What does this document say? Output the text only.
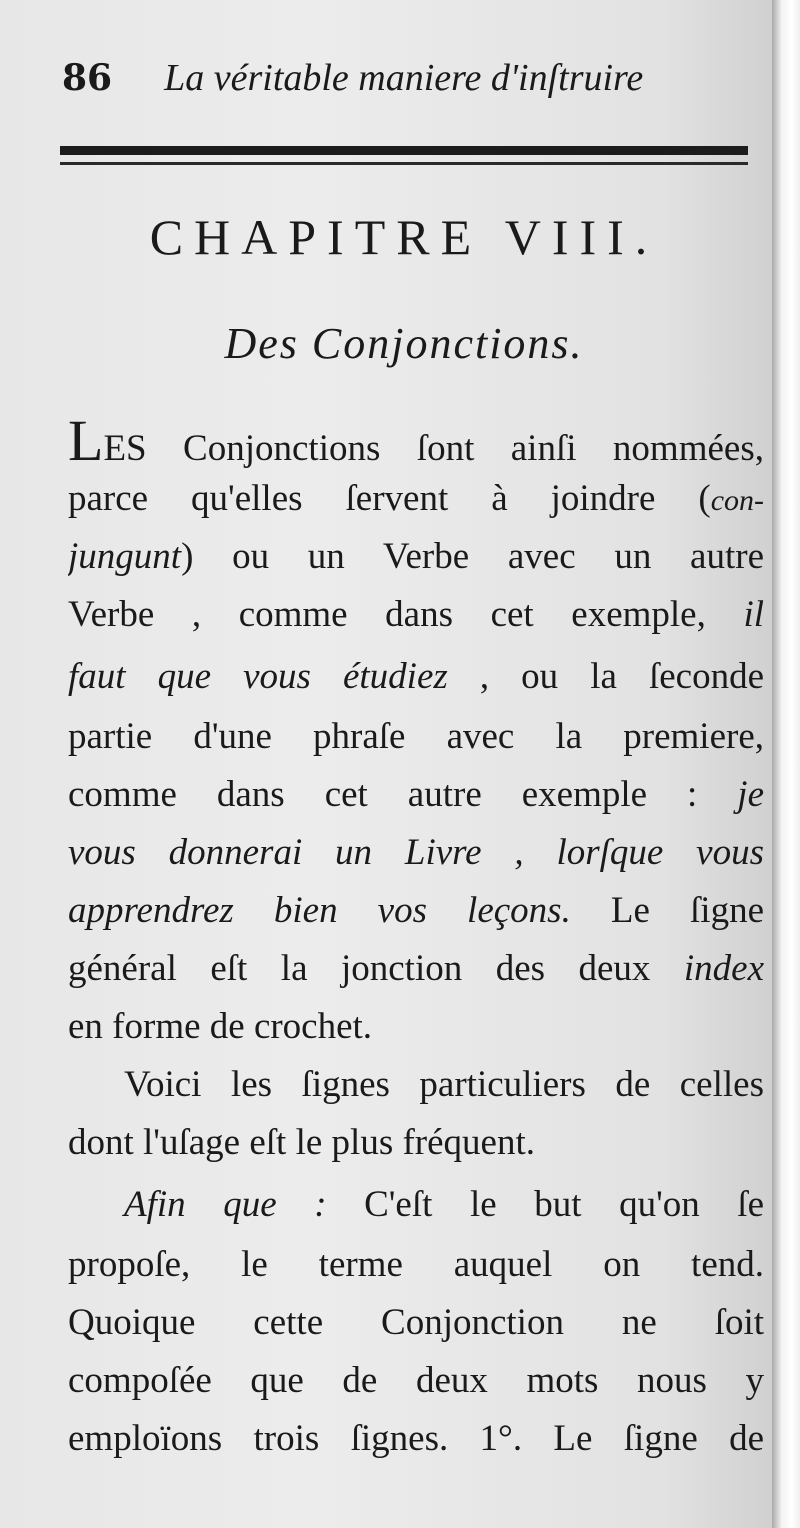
86 La véritable maniere d'inſtruire
CHAPITRE VIII.
Des Conjonctions.
LES Conjonctions ſont ainſi nommées,
parce qu'elles ſervent à joindre (con-
jungunt) ou un Verbe avec un autre
Verbe , comme dans cet exemple, il
faut que vous étudiez , ou la ſeconde
partie d'une phraſe avec la premiere,
comme dans cet autre exemple : je
vous donnerai un Livre , lorſque vous
apprendrez bien vos leçons. Le ſigne
général eſt la jonction des deux index
en forme de crochet.
Voici les ſignes particuliers de celles
dont l'uſage eſt le plus fréquent.
Afin que : C'eſt le but qu'on ſe
propoſe, le terme auquel on tend.
Quoique cette Conjonction ne ſoit
compoſée que de deux mots nous y
emploïons trois ſignes. 1°. Le ſigne de
